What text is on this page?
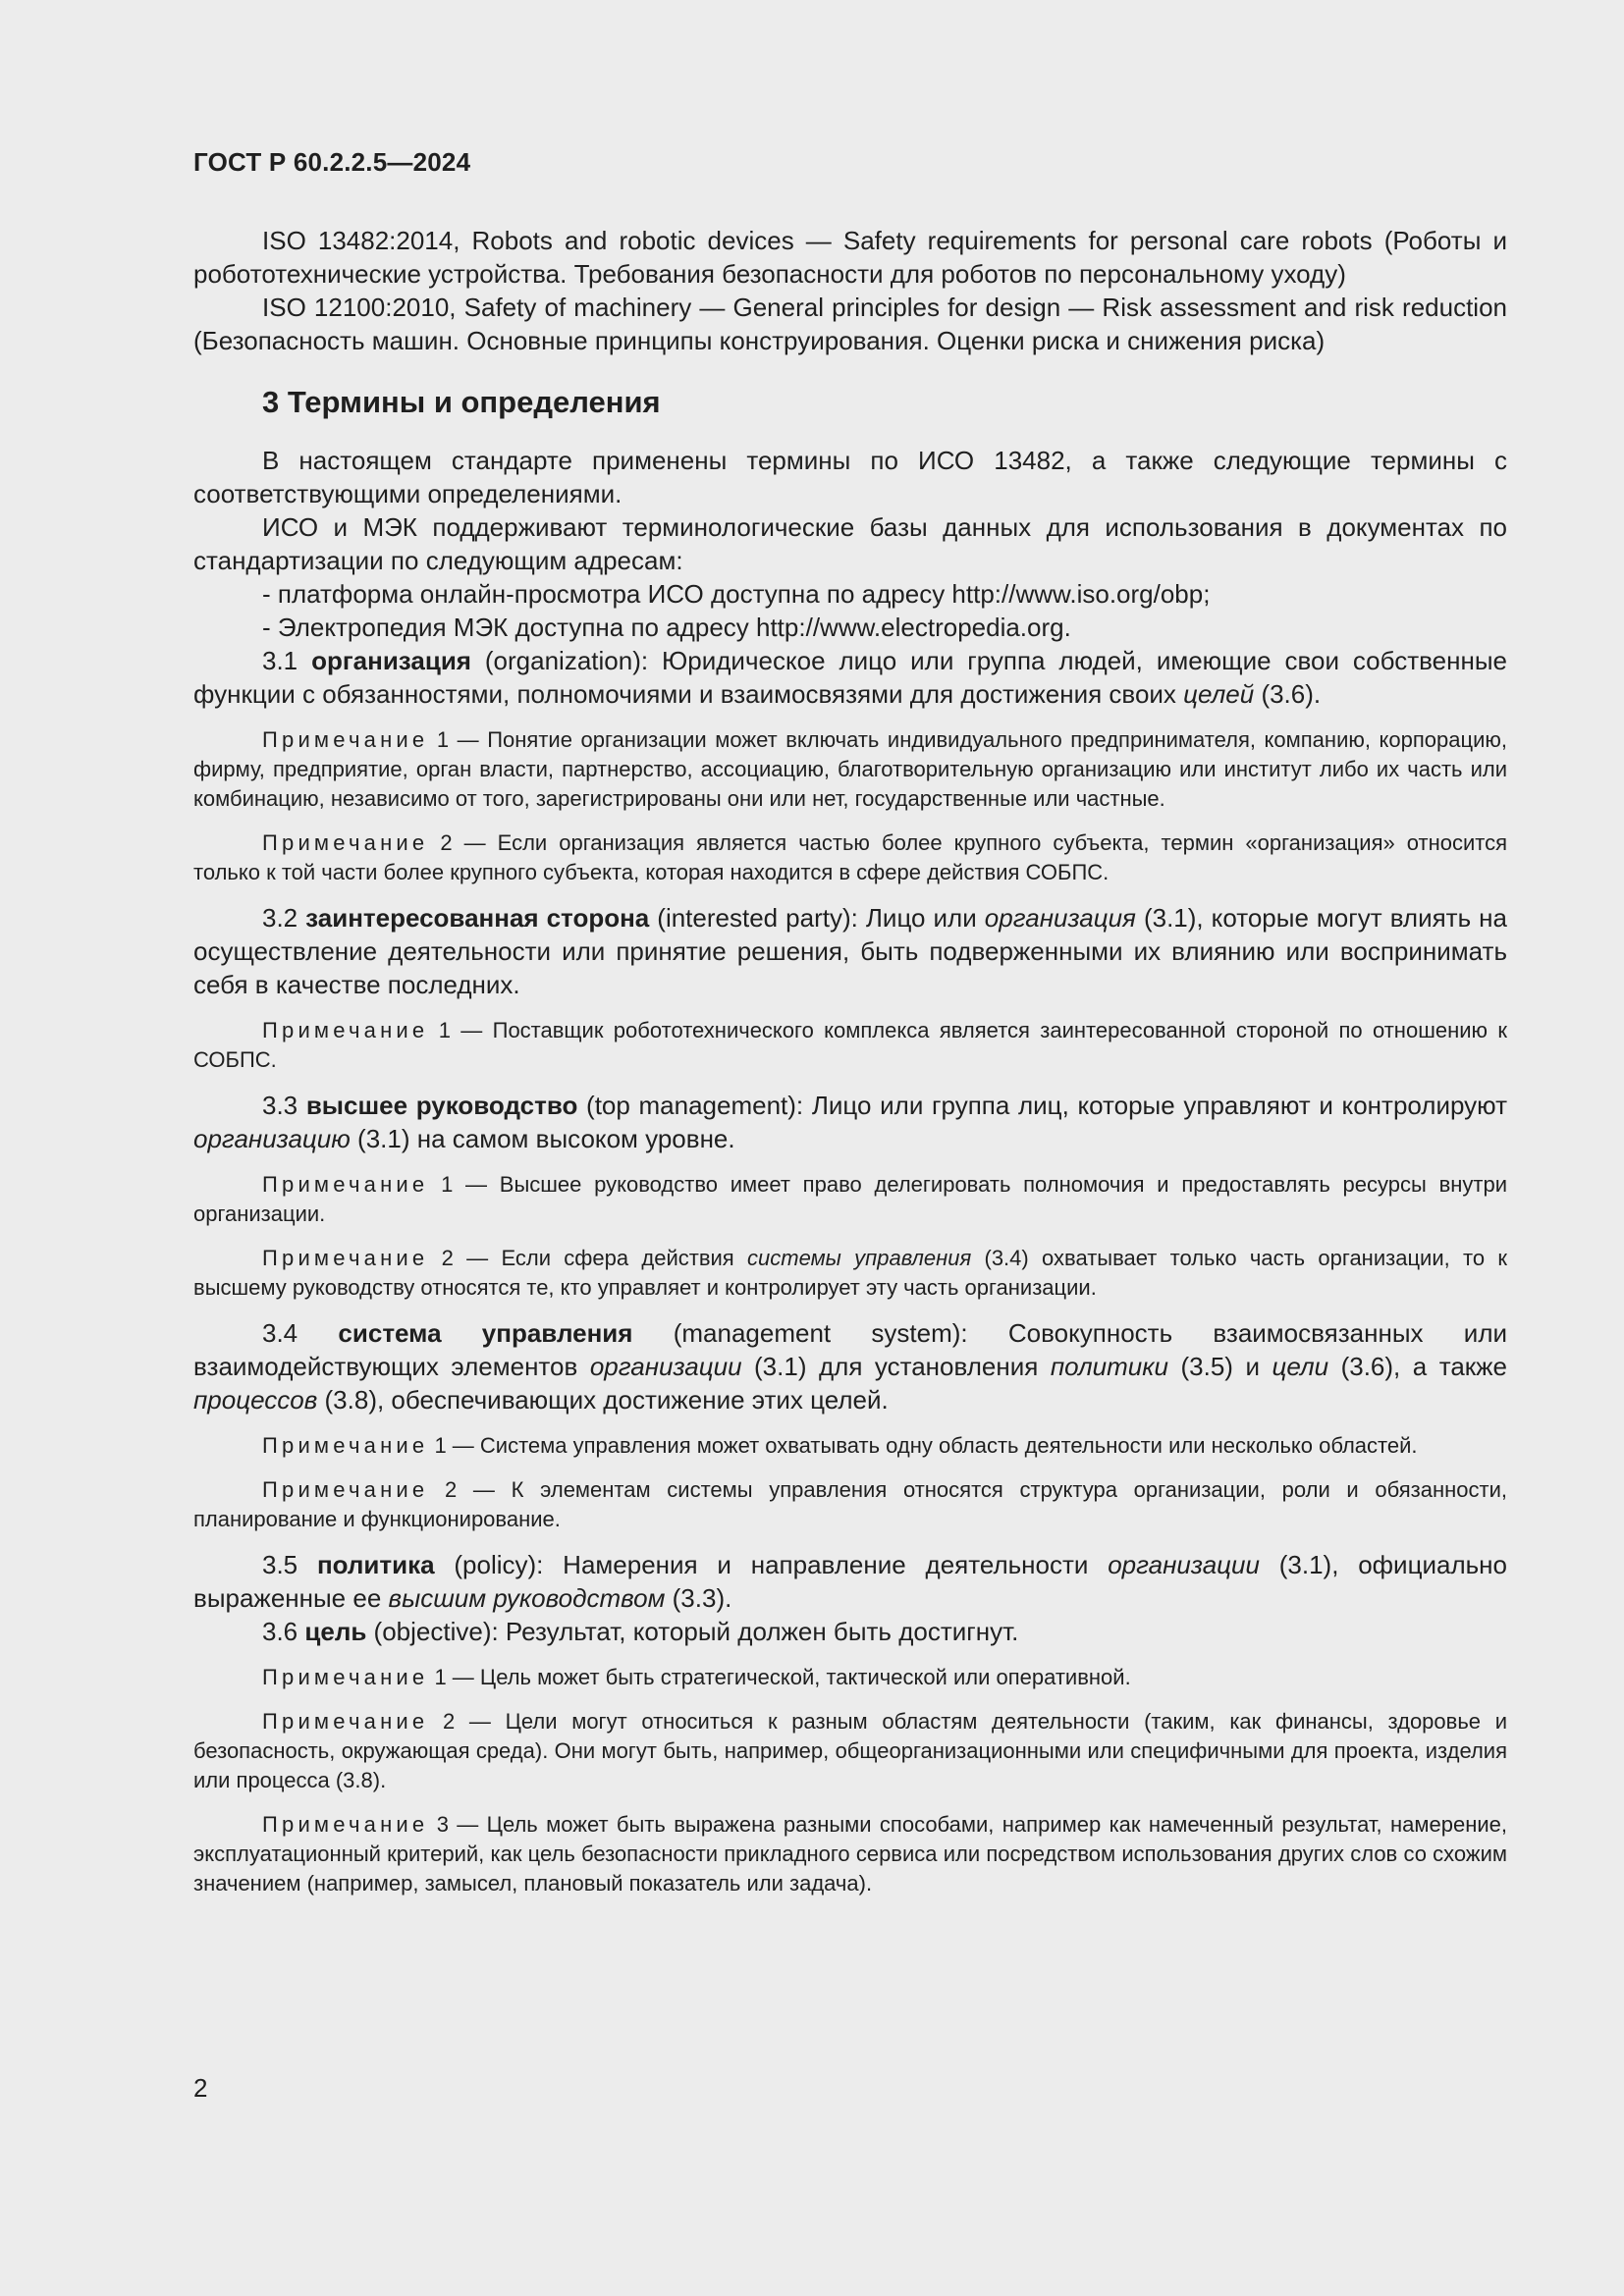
ГОСТ Р 60.2.2.5—2024

ISO 13482:2014, Robots and robotic devices — Safety requirements for personal care robots (Роботы и робототехнические устройства. Требования безопасности для роботов по персональному уходу)

ISO 12100:2010, Safety of machinery — General principles for design — Risk assessment and risk reduction (Безопасность машин. Основные принципы конструирования. Оценки риска и снижения риска)

3 Термины и определения

В настоящем стандарте применены термины по ИСО 13482, а также следующие термины с соответствующими определениями.

ИСО и МЭК поддерживают терминологические базы данных для использования в документах по стандартизации по следующим адресам:

- платформа онлайн-просмотра ИСО доступна по адресу http://www.iso.org/obp;

- Электропедия МЭК доступна по адресу http://www.electropedia.org.

3.1 организация (organization): Юридическое лицо или группа людей, имеющие свои собственные функции с обязанностями, полномочиями и взаимосвязями для достижения своих целей (3.6).

Примечание 1 — Понятие организации может включать индивидуального предпринимателя, компанию, корпорацию, фирму, предприятие, орган власти, партнерство, ассоциацию, благотворительную организацию или институт либо их часть или комбинацию, независимо от того, зарегистрированы они или нет, государственные или частные.
Примечание 2 — Если организация является частью более крупного субъекта, термин «организация» относится только к той части более крупного субъекта, которая находится в сфере действия СОБПС.

3.2 заинтересованная сторона (interested party): Лицо или организация (3.1), которые могут влиять на осуществление деятельности или принятие решения, быть подверженными их влиянию или воспринимать себя в качестве последних.

Примечание 1 — Поставщик робототехнического комплекса является заинтересованной стороной по отношению к СОБПС.

3.3 высшее руководство (top management): Лицо или группа лиц, которые управляют и контролируют организацию (3.1) на самом высоком уровне.

Примечание 1 — Высшее руководство имеет право делегировать полномочия и предоставлять ресурсы внутри организации.
Примечание 2 — Если сфера действия системы управления (3.4) охватывает только часть организации, то к высшему руководству относятся те, кто управляет и контролирует эту часть организации.

3.4 система управления (management system): Совокупность взаимосвязанных или взаимодействующих элементов организации (3.1) для установления политики (3.5) и цели (3.6), а также процессов (3.8), обеспечивающих достижение этих целей.

Примечание 1 — Система управления может охватывать одну область деятельности или несколько областей.
Примечание 2 — К элементам системы управления относятся структура организации, роли и обязанности, планирование и функционирование.

3.5 политика (policy): Намерения и направление деятельности организации (3.1), официально выраженные ее высшим руководством (3.3).

3.6 цель (objective): Результат, который должен быть достигнут.

Примечание 1 — Цель может быть стратегической, тактической или оперативной.
Примечание 2 — Цели могут относиться к разным областям деятельности (таким, как финансы, здоровье и безопасность, окружающая среда). Они могут быть, например, общеорганизационными или специфичными для проекта, изделия или процесса (3.8).
Примечание 3 — Цель может быть выражена разными способами, например как намеченный результат, намерение, эксплуатационный критерий, как цель безопасности прикладного сервиса или посредством использования других слов со схожим значением (например, замысел, плановый показатель или задача).
2
